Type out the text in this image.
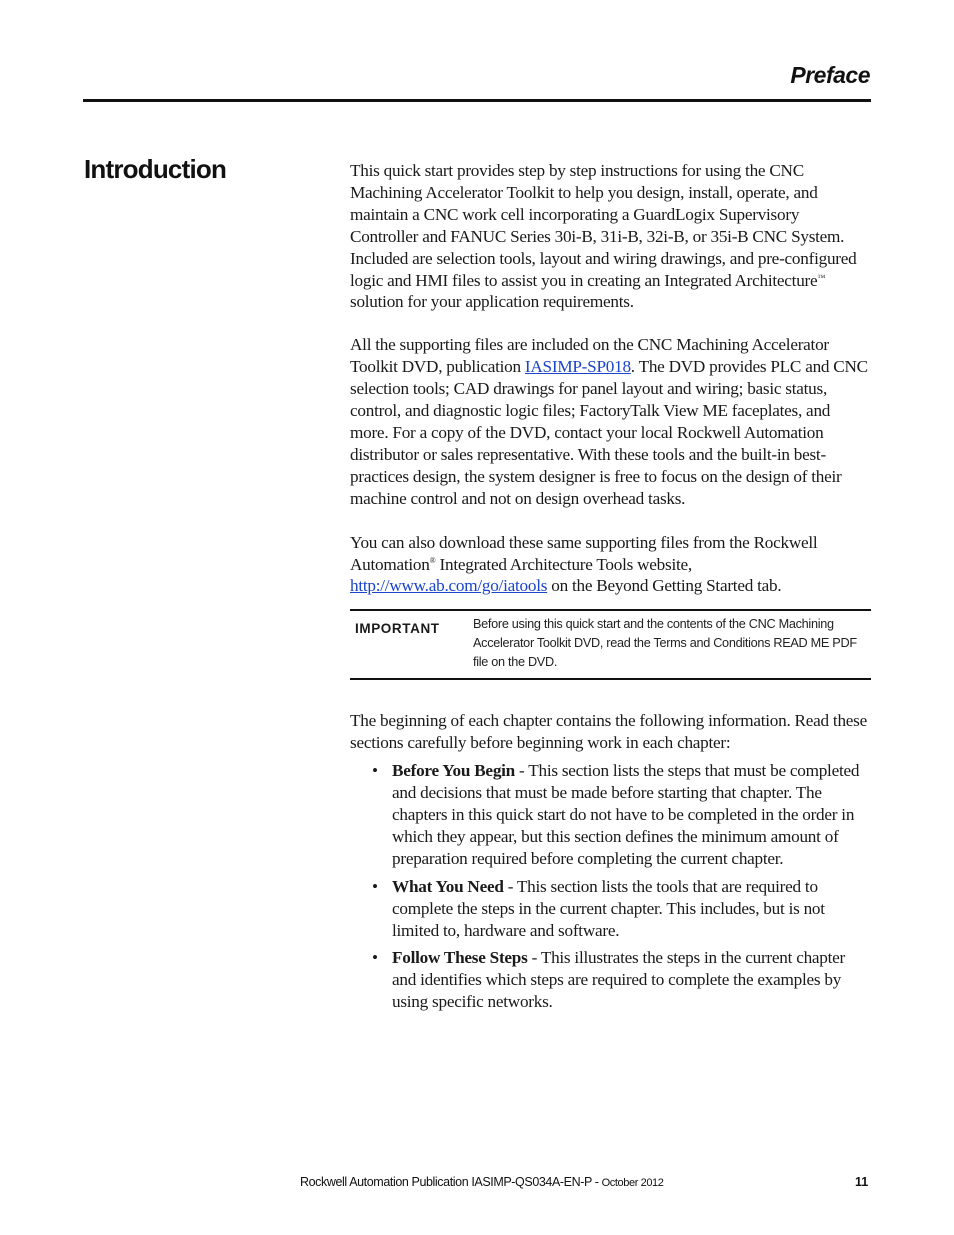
Preface
Introduction	This quick start provides step by step instructions for using the CNC Machining Accelerator Toolkit to help you design, install, operate, and maintain a CNC work cell incorporating a GuardLogix Supervisory Controller and FANUC Series 30i-B, 31i-B, 32i-B, or 35i-B CNC System. Included are selection tools, layout and wiring drawings, and pre-configured logic and HMI files to assist you in creating an Integrated Architecture™ solution for your application requirements.

All the supporting files are included on the CNC Machining Accelerator Toolkit DVD, publication IASIMP-SP018. The DVD provides PLC and CNC selection tools; CAD drawings for panel layout and wiring; basic status, control, and diagnostic logic files; FactoryTalk View ME faceplates, and more. For a copy of the DVD, contact your local Rockwell Automation distributor or sales representative. With these tools and the built-in best-practices design, the system designer is free to focus on the design of their machine control and not on design overhead tasks.

You can also download these same supporting files from the Rockwell Automation® Integrated Architecture Tools website, http://www.ab.com/go/iatools on the Beyond Getting Started tab.

IMPORTANT	Before using this quick start and the contents of the CNC Machining Accelerator Toolkit DVD, read the Terms and Conditions READ ME PDF file on the DVD.

The beginning of each chapter contains the following information. Read these sections carefully before beginning work in each chapter:

• Before You Begin - This section lists the steps that must be completed and decisions that must be made before starting that chapter. The chapters in this quick start do not have to be completed in the order in which they appear, but this section defines the minimum amount of preparation required before completing the current chapter.
• What You Need - This section lists the tools that are required to complete the steps in the current chapter. This includes, but is not limited to, hardware and software.
• Follow These Steps - This illustrates the steps in the current chapter and identifies which steps are required to complete the examples by using specific networks.
Rockwell Automation Publication IASIMP-QS034A-EN-P - October 2012	11
